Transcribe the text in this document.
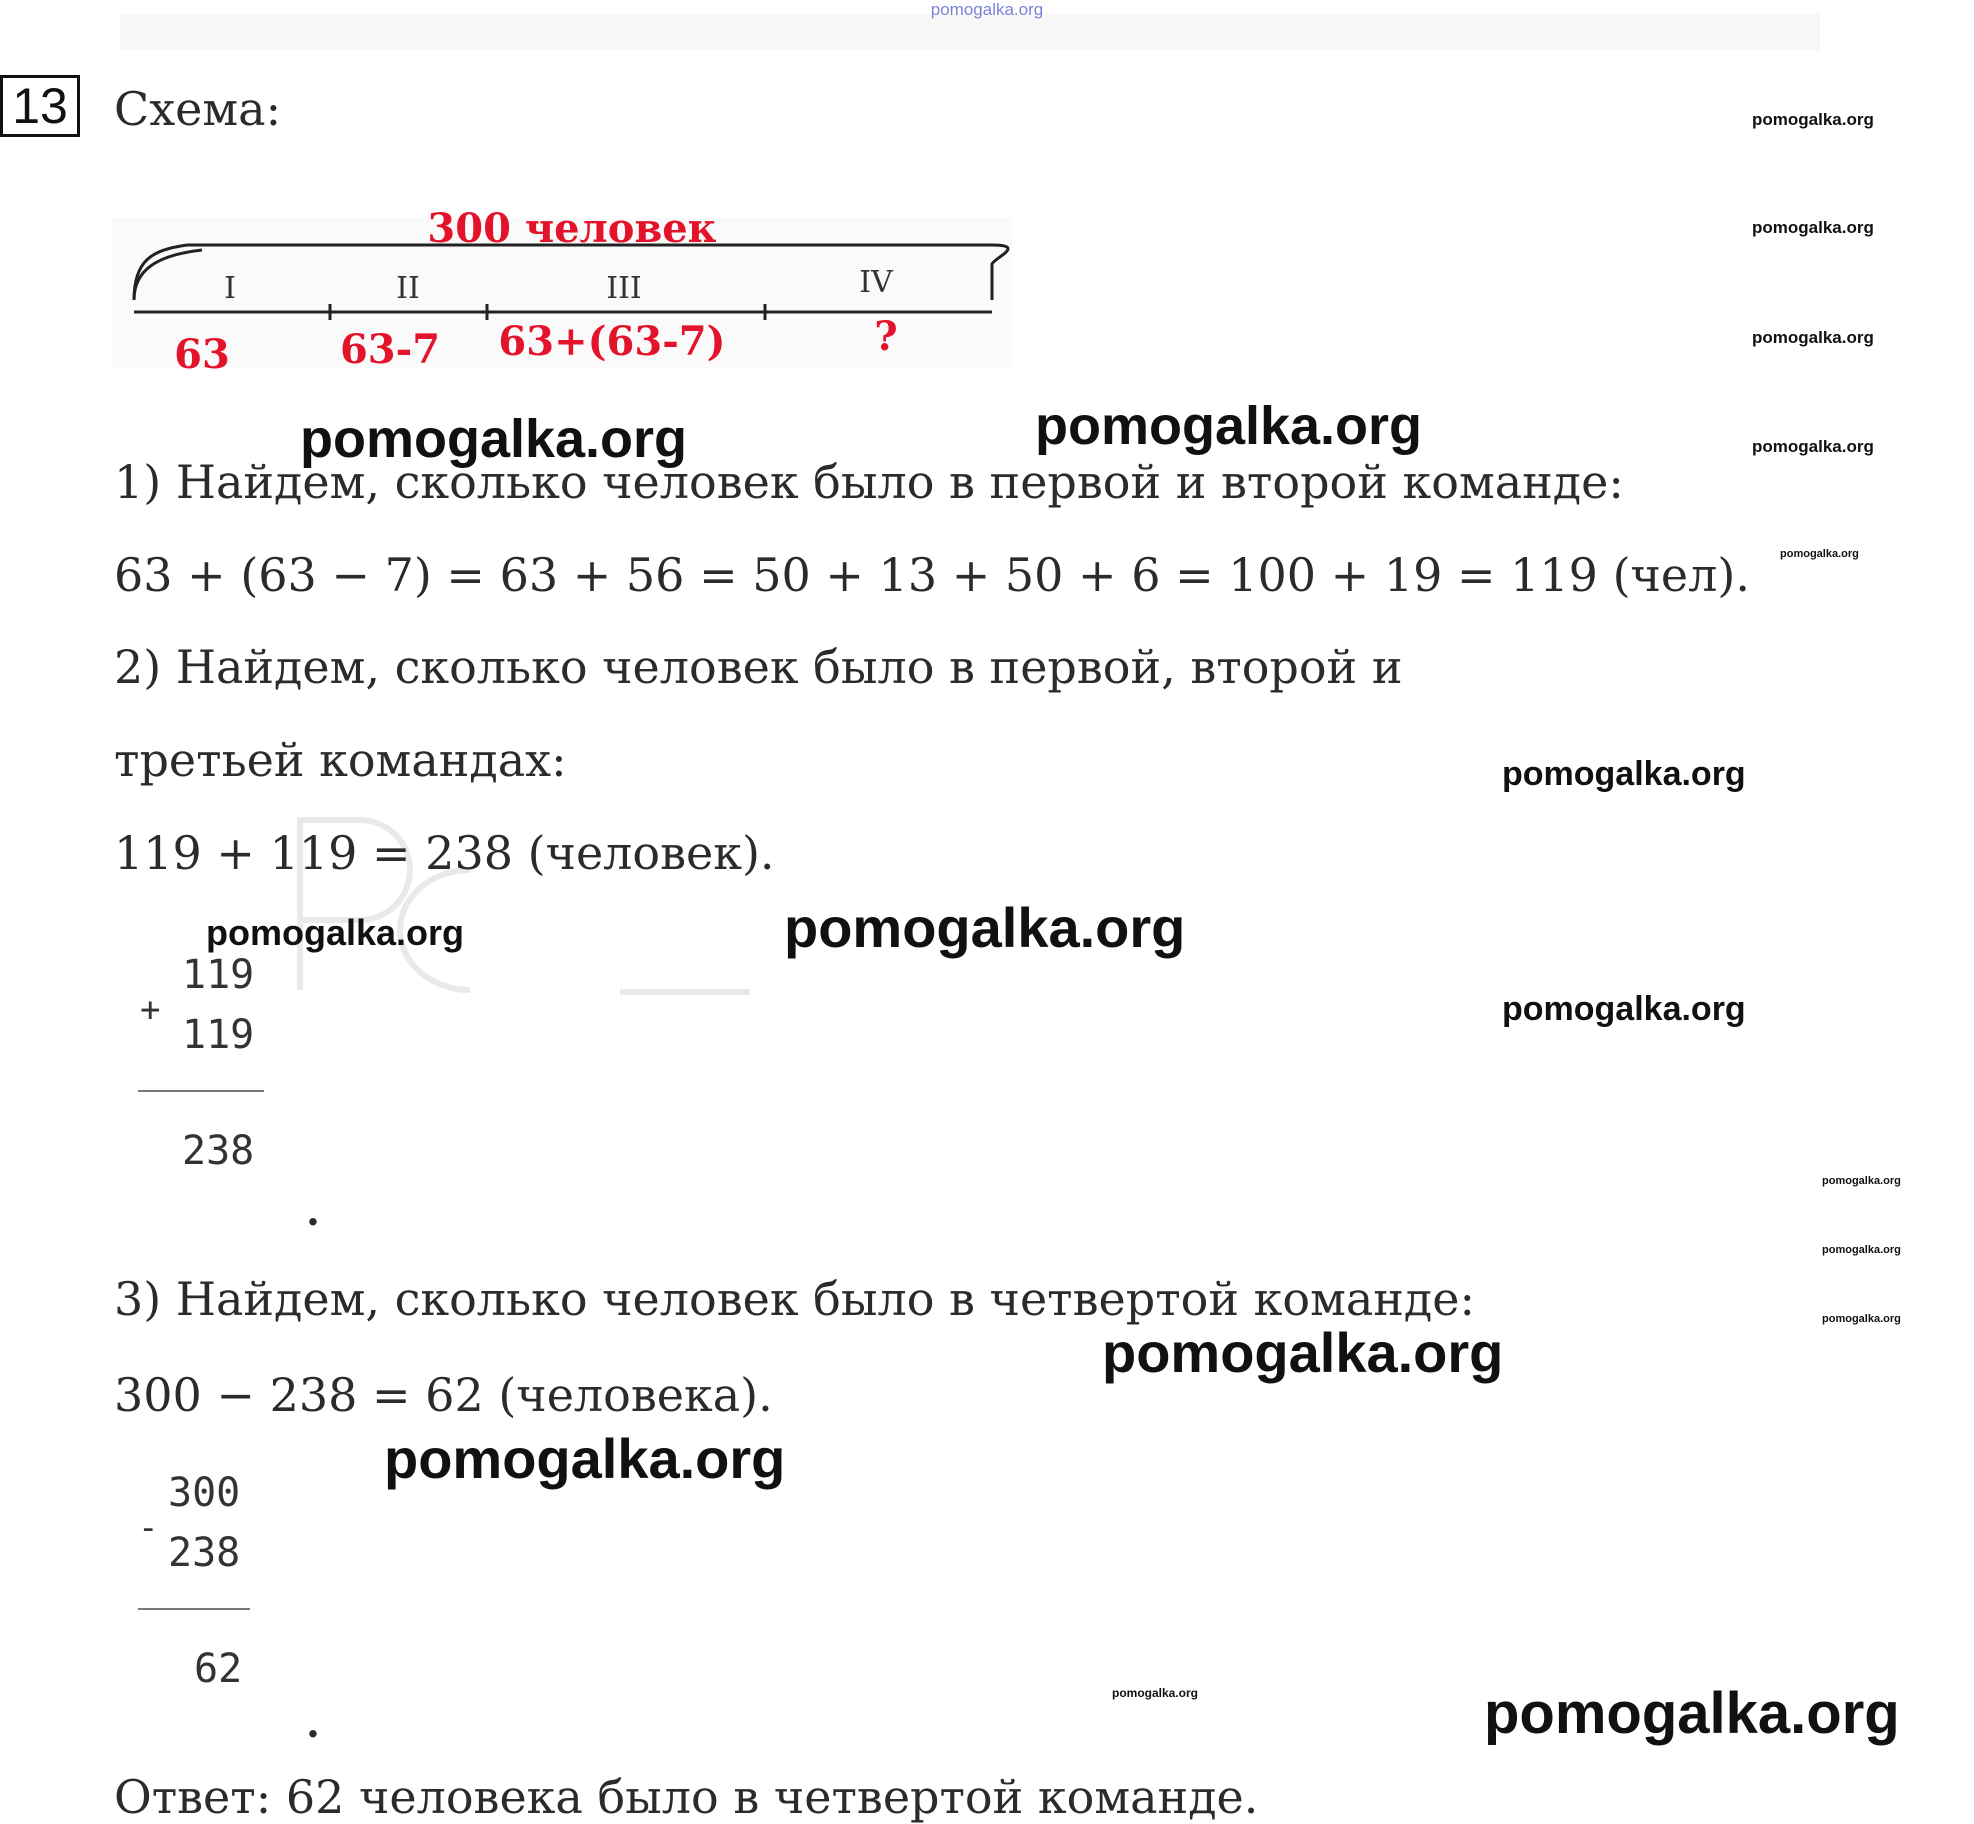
pomogalka.org
13 Схема:
300 человек
I	II	III	IV
63	63-7 63+(63-7)	?
1) Найдем, сколько человек было в первой и второй команде:
63 + (63 − 7) = 63 + 56 = 50 + 13 + 50 + 6 = 100 + 19 = 119 (чел).
2) Найдем, сколько человек было в первой, второй и
третьей командах:
119 + 119 = 238 (человек).
+
119
119
238
.
3) Найдем, сколько человек было в четвертой команде:
300 − 238 = 62 (человека).
-
300
238
62
.
Ответ: 62 человека было в четвертой команде.
pomogalka.org
pomogalka.org
pomogalka.org
pomogalka.org
pomogalka.org	pomogalka.org
pomogalka.org
pomogalka.org
pomogalka.org	pomogalka.org
pomogalka.org
pomogalka.org
pomogalka.org
pomogalka.org
pomogalka.org
pomogalka.org
pomogalka.org	pomogalka.org
